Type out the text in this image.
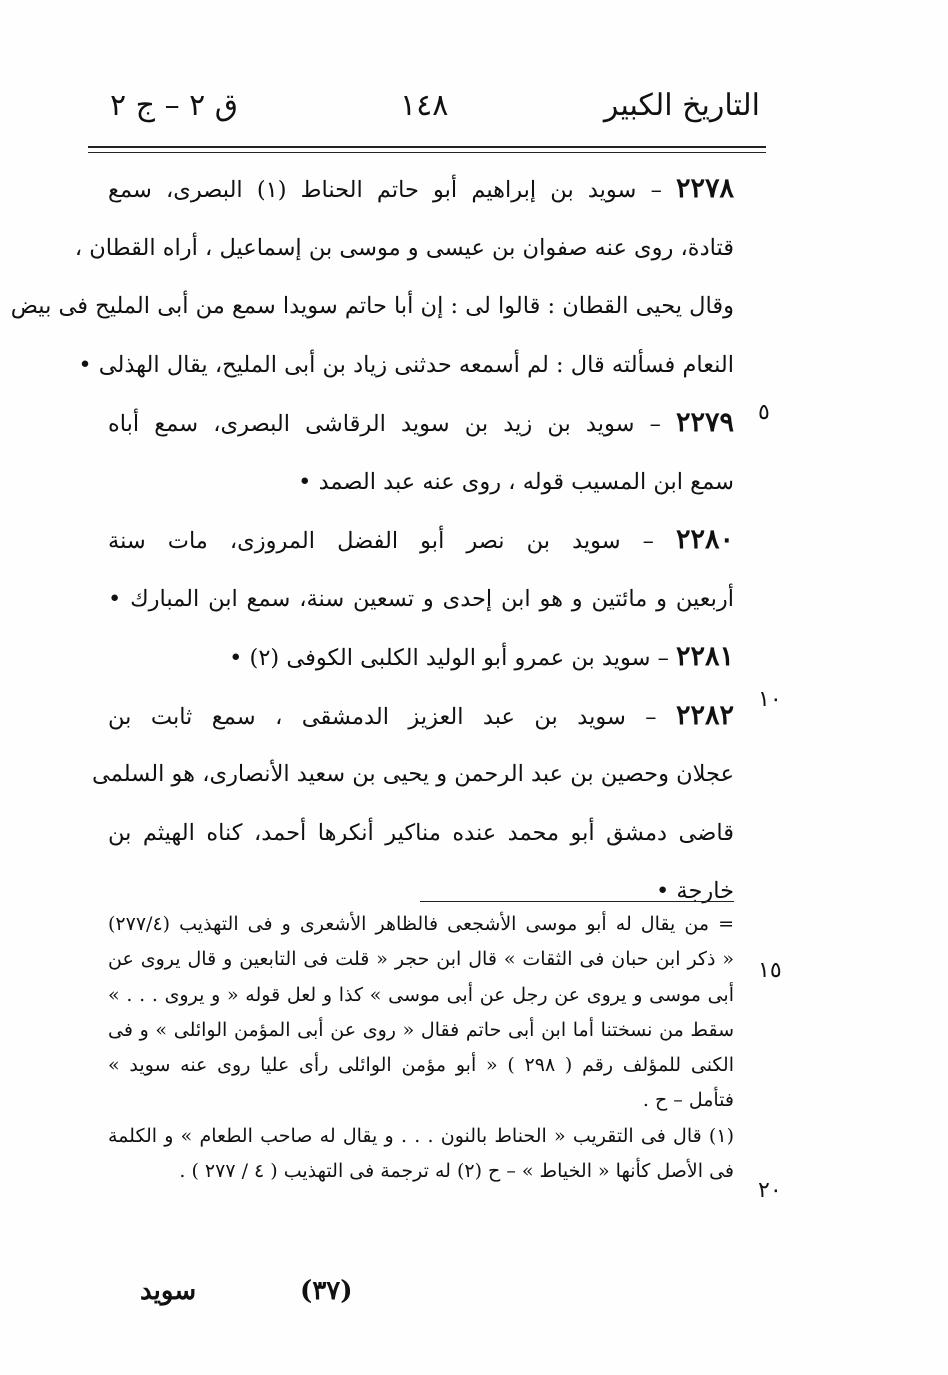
التاريخ الكبير
١٤٨
ق ٢ – ج ٢
٢٢٧٨ – سويد بن إبراهيم أبو حاتم الحناط (١) البصرى، سمع
قتادة، روى عنه صفوان بن عيسى و موسى بن إسماعيل ، أراه القطان ،
وقال يحيى القطان : قالوا لى : إن أبا حاتم سويدا سمع من أبى المليح فى بيض
النعام فسألته قال : لم أسمعه حدثنى زياد بن أبى المليح، يقال الهذلى •
٢٢٧٩ – سويد بن زيد بن سويد الرقاشى البصرى، سمع أباه
سمع ابن المسيب قوله ، روى عنه عبد الصمد •
٢٢٨٠ – سويد بن نصر أبو الفضل المروزى، مات سنة
أربعين و مائتين و هو ابن إحدى و تسعين سنة، سمع ابن المبارك •
٢٢٨١ – سويد بن عمرو أبو الوليد الكلبى الكوفى (٢) •
٢٢٨٢ – سويد بن عبد العزيز الدمشقى ، سمع ثابت بن
عجلان وحصين بن عبد الرحمن و يحيى بن سعيد الأنصارى، هو السلمى
قاضى دمشق أبو محمد عنده مناكير أنكرها أحمد، كناه الهيثم بن
خارجة •
٥
١٠
١٥
٢٠
= من يقال له أبو موسى الأشجعى فالظاهر الأشعرى و فى التهذيب (٢٧٧/٤)
« ذكر ابن حبان فى الثقات » قال ابن حجر « قلت فى التابعين و قال يروى عن
أبى موسى و يروى عن رجل عن أبى موسى » كذا و لعل قوله « و يروى . . . »
سقط من نسختنا أما ابن أبى حاتم فقال « روى عن أبى المؤمن الوائلى » و فى
الكنى للمؤلف رقم ( ٢٩٨ ) « أبو مؤمن الوائلى رأى عليا روى عنه سويد »
فتأمل – ح .
(١) قال فى التقريب « الحناط بالنون . . . و يقال له صاحب الطعام » و الكلمة
فى الأصل كأنها « الخياط » – ح (٢) له ترجمة فى التهذيب ( ٤ / ٢٧٧ ) .
(٣٧)
سويد
